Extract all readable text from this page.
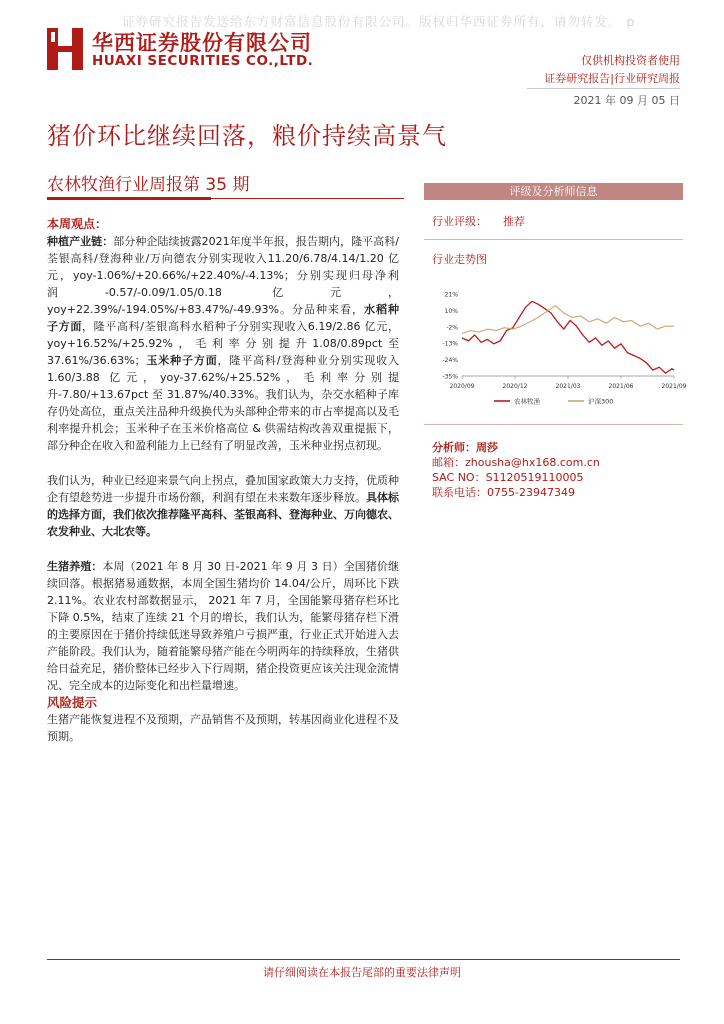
证券研究报告发送给东方财富信息股份有限公司。版权归华西证券所有，请勿转发。 p
华西证券股份有限公司
HUAXI SECURITIES CO.,LTD.	仅供机构投资者使用
证券研究报告|行业研究周报
2021 年 09 月 05 日
猪价环比继续回落，粮价持续高景气
农林牧渔行业周报第 35 期

本周观点：

种植产业链：部分种企陆续披露2021年度半年报，报告期内，隆平高科/荃银高科/登海种业/万向德农分别实现收入11.20/6.78/4.14/1.20 亿元，yoy-1.06%/+20.66%/+22.40%/-4.13%；分别实现归母净利润-0.57/-0.09/1.05/0.18 亿元，yoy+22.39%/-194.05%/+83.47%/-49.93%。分品种来看，水稻种子方面，隆平高科/荃银高科水稻种子分别实现收入6.19/2.86 亿元，yoy+16.52%/+25.92%，毛利率分别提升1.08/0.89pct至37.61%/36.63%；玉米种子方面，隆平高科/登海种业分别实现收入 1.60/3.88 亿元，yoy-37.62%/+25.52%，毛利率分别提升-7.80/+13.67pct 至 31.87%/40.33%。我们认为，杂交水稻种子库存仍处高位，重点关注品种升级换代为头部种企带来的市占率提高以及毛利率提升机会；玉米种子在玉米价格高位 & 供需结构改善双重提振下，部分种企在收入和盈利能力上已经有了明显改善，玉米种业拐点初现。

我们认为，种业已经迎来景气向上拐点，叠加国家政策大力支持，优质种企有望趁势进一步提升市场份额，利润有望在未来数年逐步释放。具体标的选择方面，我们依次推荐隆平高科、荃银高科、登海种业、万向德农、农发种业、大北农等。

生猪养殖：本周（2021 年 8 月 30 日-2021 年 9 月 3 日）全国猪价继续回落。根据猪易通数据，本周全国生猪均价 14.04/公斤，周环比下跌 2.11%。农业农村部数据显示， 2021 年 7 月，全国能繁母猪存栏环比下降 0.5%，结束了连续 21 个月的增长，我们认为，能繁母猪存栏下滑的主要原因在于猪价持续低迷导致养殖户亏损严重，行业正式开始进入去产能阶段。我们认为，随着能繁母猪产能在今明两年的持续释放，生猪供给日益充足，猪价整体已经步入下行周期，猪企投资更应该关注现金流情况、完全成本的边际变化和出栏量增速。

风险提示

生猪产能恢复进程不及预期，产品销售不及预期，转基因商业化进程不及预期。

评级及分析师信息
行业评级： 推荐
行业走势图
21%
10%
-2%
-13%
-24%
-35%
2020/09	2020/12	2021/03	2021/06	2021/09
农林牧渔	沪深300
分析师：周莎
邮箱：zhousha@hx168.com.cn
SAC NO：S1120519110005
联系电话：0755-23947349
请仔细阅读在本报告尾部的重要法律声明
